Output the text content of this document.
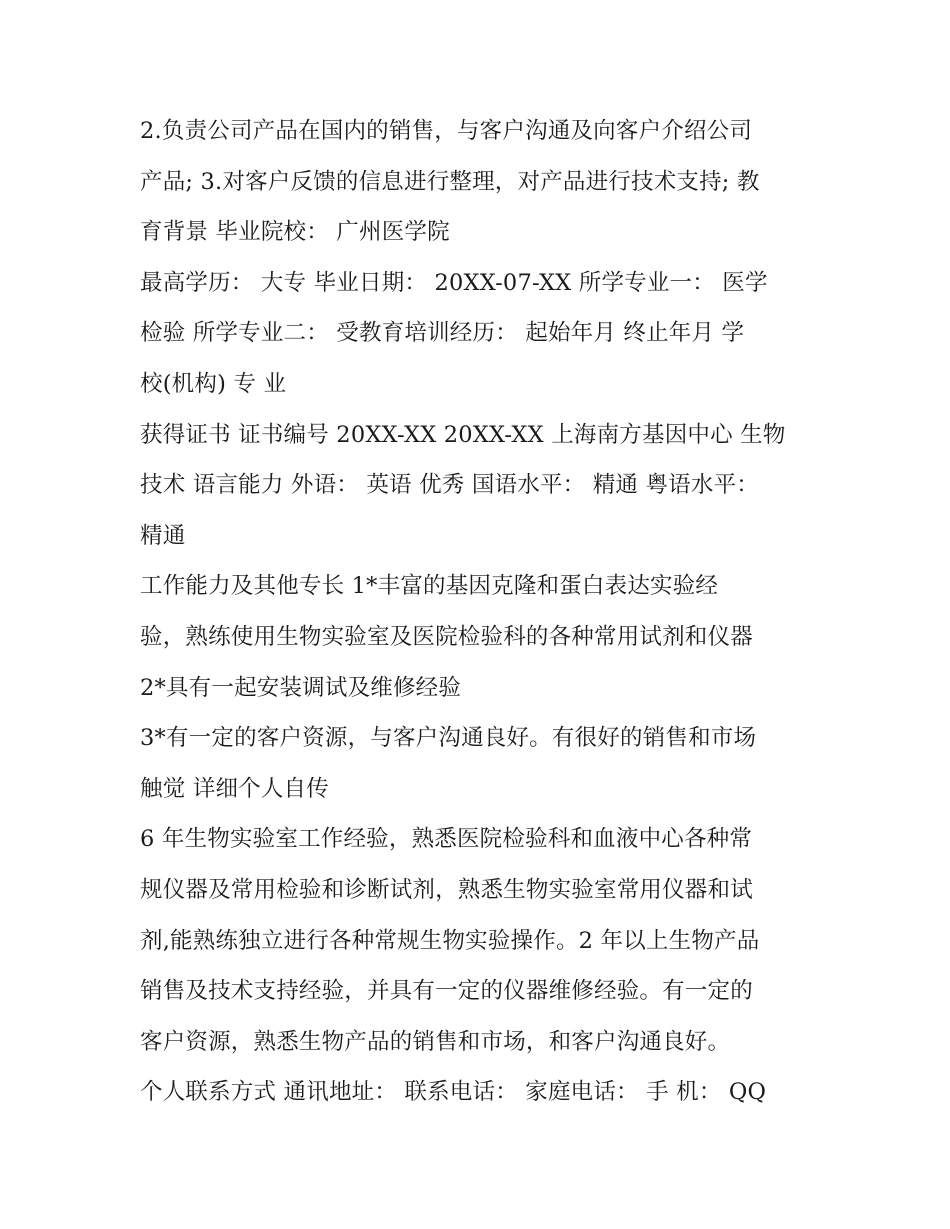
2.负责公司产品在国内的销售，与客户沟通及向客户介绍公司
产品; 3.对客户反馈的信息进行整理，对产品进行技术支持; 教
育背景 毕业院校： 广州医学院
最高学历： 大专 毕业日期： 20XX-07-XX 所学专业一： 医学
检验 所学专业二： 受教育培训经历： 起始年月 终止年月 学
校(机构) 专 业
获得证书 证书编号 20XX-XX 20XX-XX 上海南方基因中心 生物
技术 语言能力 外语： 英语 优秀 国语水平： 精通 粤语水平：
精通
工作能力及其他专长 1*丰富的基因克隆和蛋白表达实验经
验，熟练使用生物实验室及医院检验科的各种常用试剂和仪器
2*具有一起安装调试及维修经验
3*有一定的客户资源，与客户沟通良好。有很好的销售和市场
触觉 详细个人自传
6 年生物实验室工作经验，熟悉医院检验科和血液中心各种常
规仪器及常用检验和诊断试剂，熟悉生物实验室常用仪器和试
剂,能熟练独立进行各种常规生物实验操作。2 年以上生物产品
销售及技术支持经验，并具有一定的仪器维修经验。有一定的
客户资源，熟悉生物产品的销售和市场，和客户沟通良好。
个人联系方式 通讯地址： 联系电话： 家庭电话： 手 机： QQ
